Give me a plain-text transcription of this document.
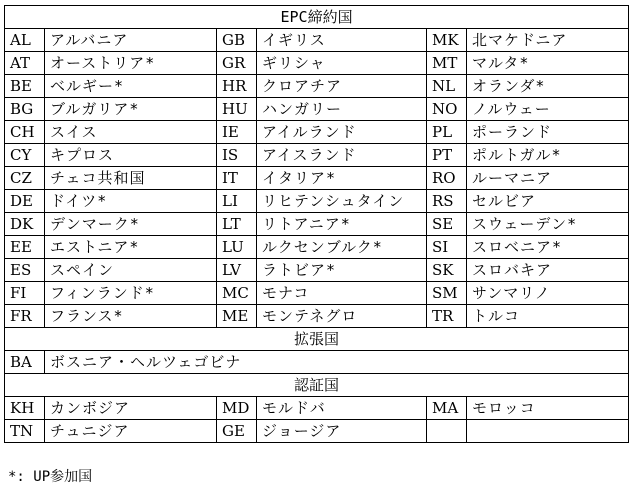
EPC締約国					
AL	アルバニア	GB	イギリス	MK	北マケドニア
AT	オーストリア*	GR	ギリシャ	MT	マルタ*
BE	ベルギー*	HR	クロアチア	NL	オランダ*
BG	ブルガリア*	HU	ハンガリー	NO	ノルウェー
CH	スイス	IE	アイルランド	PL	ポーランド
CY	キプロス	IS	アイスランド	PT	ポルトガル*
CZ	チェコ共和国	IT	イタリア*	RO	ルーマニア
DE	ドイツ*	LI	リヒテンシュタイン	RS	セルビア
DK	デンマーク*	LT	リトアニア*	SE	スウェーデン*
EE	エストニア*	LU	ルクセンブルク*	SI	スロベニア*
ES	スペイン	LV	ラトビア*	SK	スロバキア
FI	フィンランド*	MC	モナコ	SM	サンマリノ
FR	フランス*	ME	モンテネグロ	TR	トルコ
拡張国					
BA	ボスニア・ヘルツェゴビナ				
認証国					
KH	カンボジア	MD	モルドバ	MA	モロッコ
TN	チュニジア	GE	ジョージア		
*: UP参加国
